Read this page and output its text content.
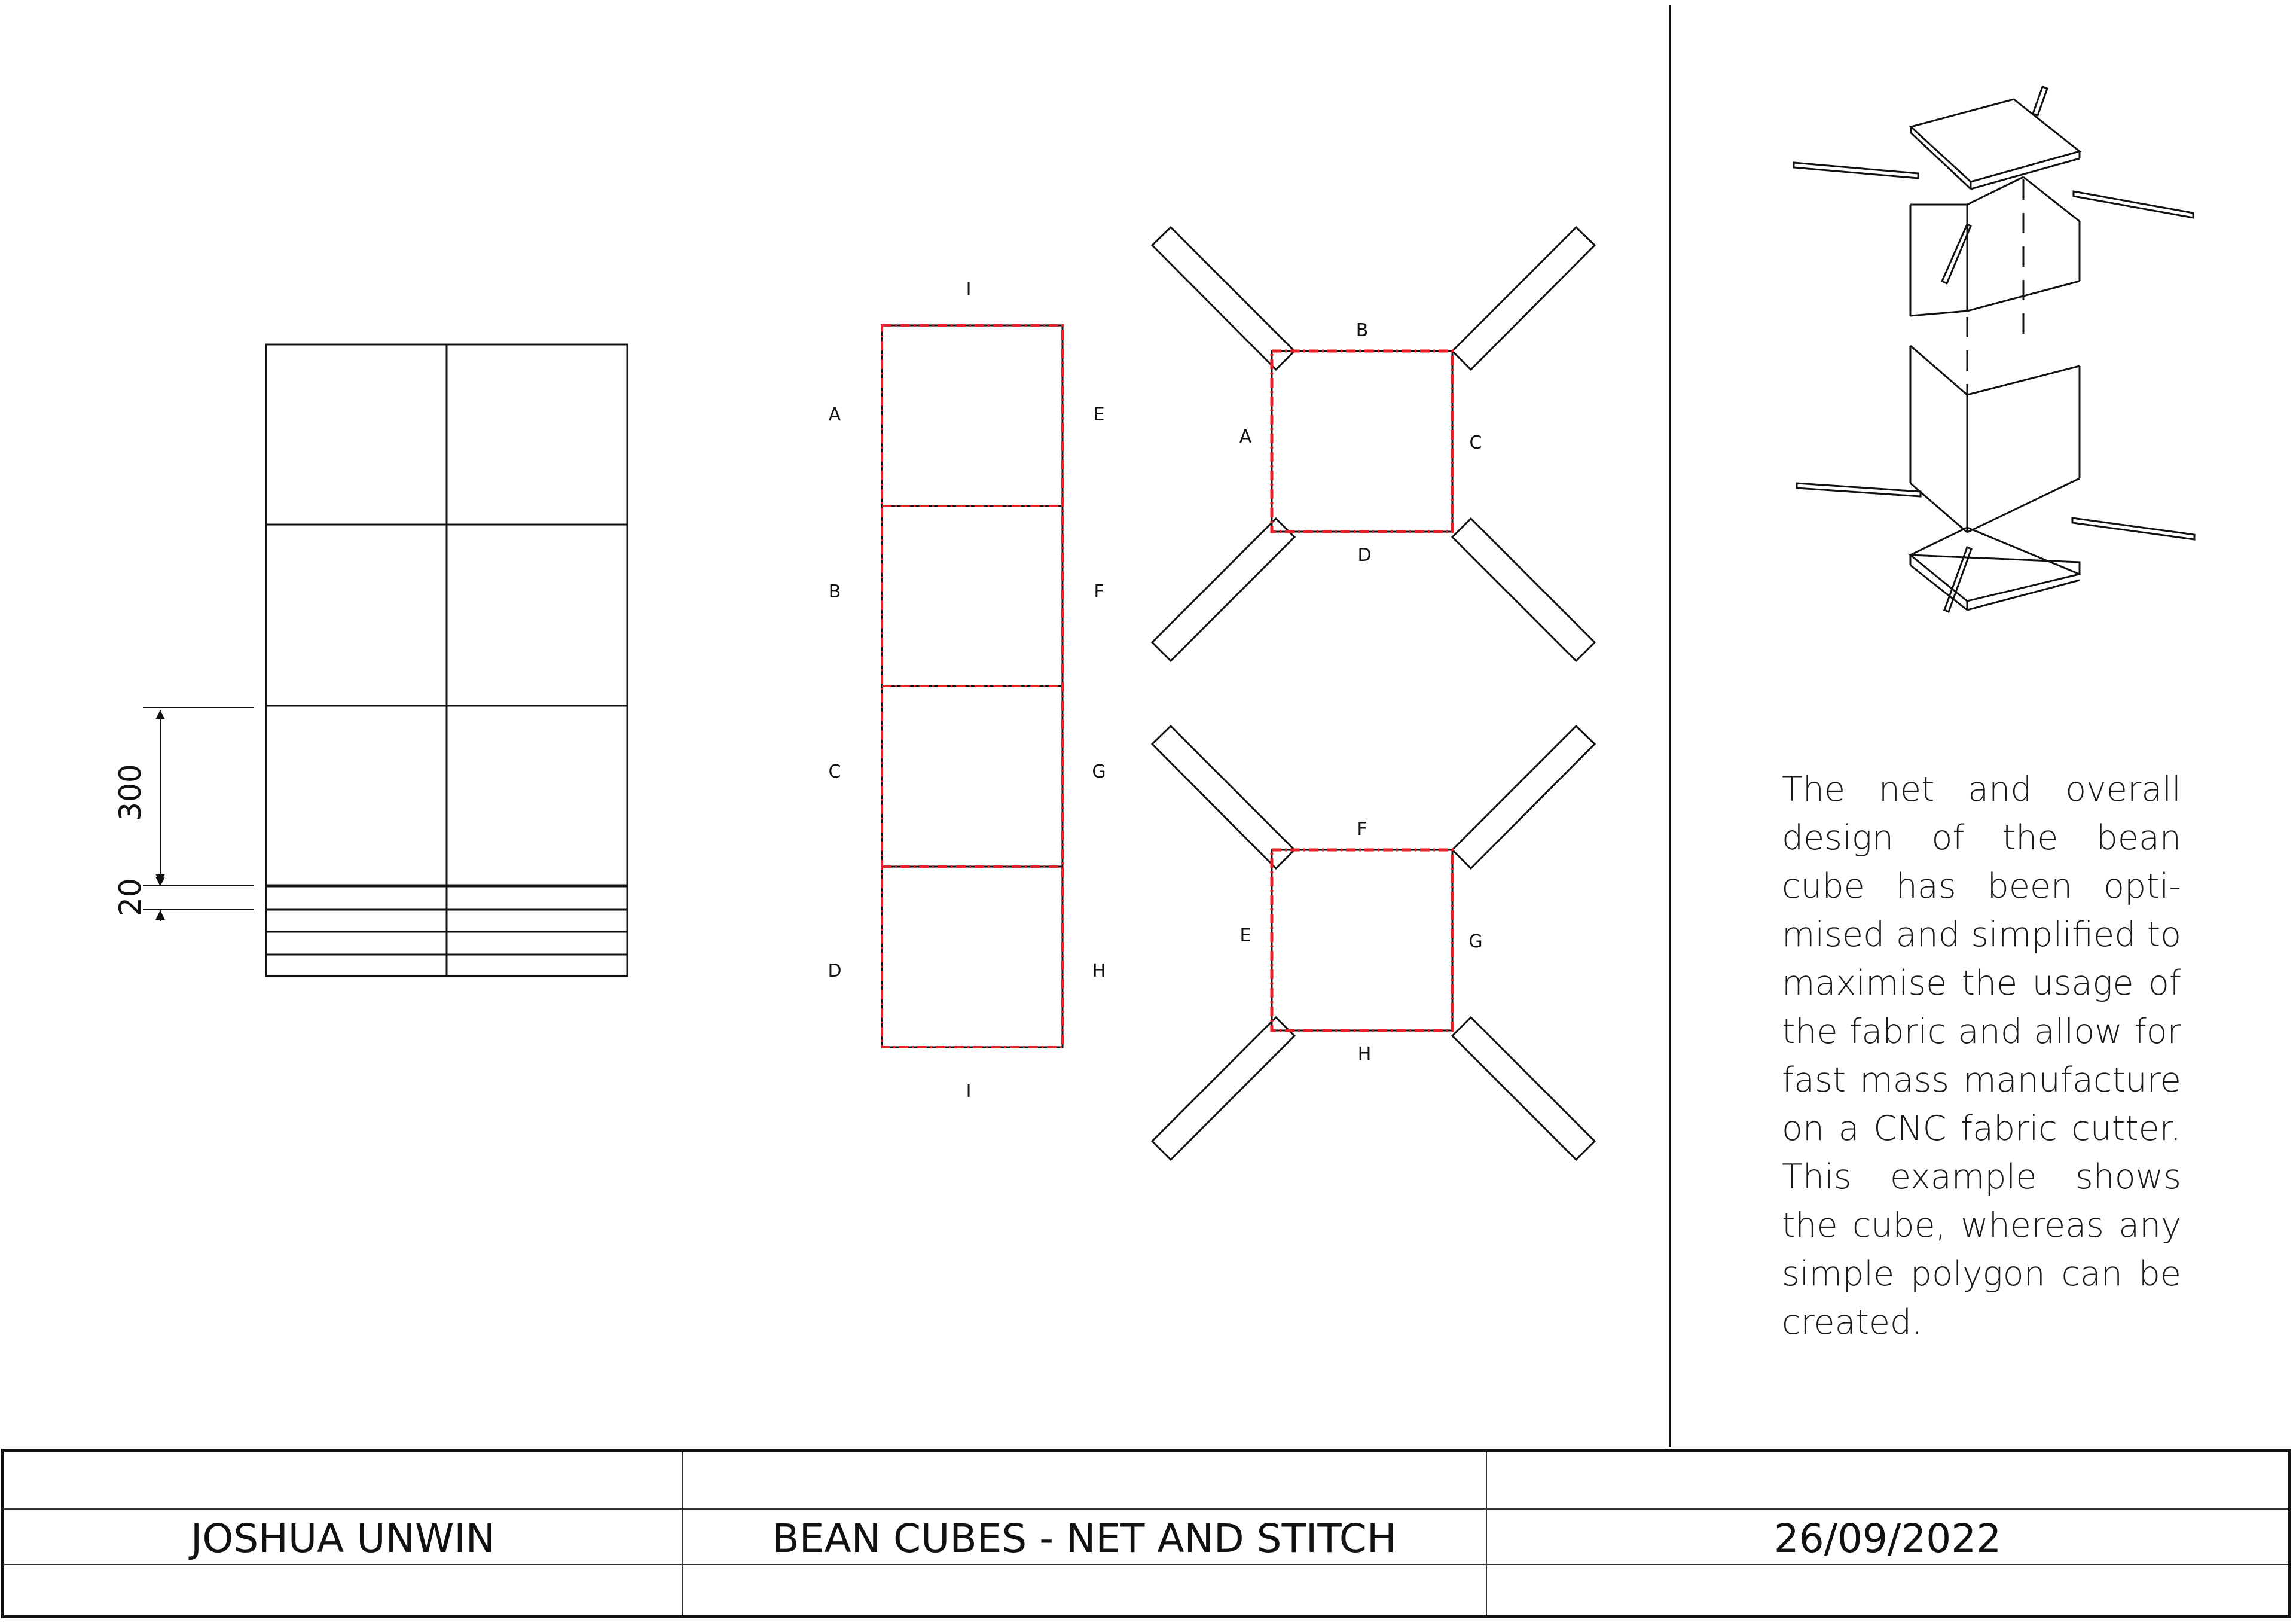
300
20
I
A
B
C
D
E
F
G
H
I
B
A	C
D
F
E	G
H

The net and overall design of the bean cube has been optimised and simplified to maximise the usage of the fabric and allow for fast mass manufacture on a CNC fabric cutter. This example shows the cube, whereas any simple polygon can be created.

JOSHUA UNWIN	BEAN CUBES - NET AND STITCH	26/09/2022
